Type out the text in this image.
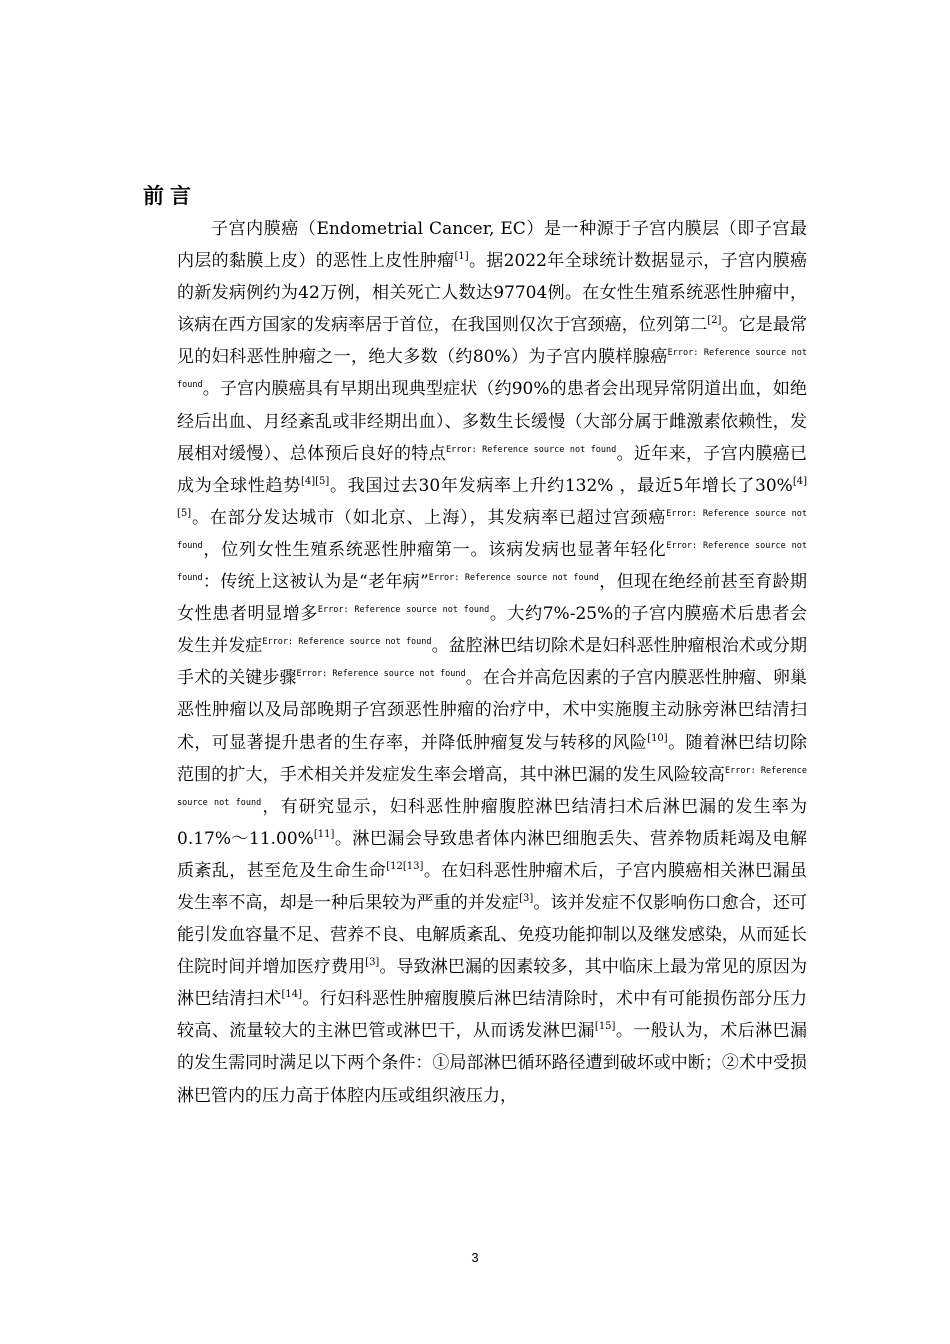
前言

子宫内膜癌（Endometrial Cancer, EC）是一种源于子宫内膜层（即子宫最内层的黏膜上皮）的恶性上皮性肿瘤[1]。据2022年全球统计数据显示，子宫内膜癌的新发病例约为42万例，相关死亡人数达97704例。在女性生殖系统恶性肿瘤中，该病在西方国家的发病率居于首位，在我国则仅次于宫颈癌，位列第二[2]。它是最常见的妇科恶性肿瘤之一，绝大多数（约80%）为子宫内膜样腺癌$^{Error: Reference source not found}$。子宫内膜癌具有早期出现典型症状（约90%的患者会出现异常阴道出血，如绝经后出血、月经紊乱或非经期出血）、多数生长缓慢（大部分属于雌激素依赖性，发展相对缓慢）、总体预后良好的特点$^{Error: Reference source not found}$。近年来，子宫内膜癌已成为全球性趋势[4][5]。我国过去30年发病率上升约132% ，最近5年增长了30%[4][5]。在部分发达城市（如北京、上海），其发病率已超过宫颈癌$^{Error: Reference source not found}$，位列女性生殖系统恶性肿瘤第一。该病发病也显著年轻化$^{Error: Reference source not found}$：传统上这被认为是“老年病”$^{Error: Reference source not found}$，但现在绝经前甚至育龄期女性患者明显增多$^{Error: Reference source not found}$。大约7%-25%的子宫内膜癌术后患者会发生并发症$^{Error: Reference source not found}$。盆腔淋巴结切除术是妇科恶性肿瘤根治术或分期手术的关键步骤$^{Error: Reference source not found}$。在合并高危因素的子宫内膜恶性肿瘤、卵巢恶性肿瘤以及局部晚期子宫颈恶性肿瘤的治疗中，术中实施腹主动脉旁淋巴结清扫术，可显著提升患者的生存率，并降低肿瘤复发与转移的风险[10]。随着淋巴结切除范围的扩大，手术相关并发症发生率会增高，其中淋巴漏的发生风险较高$^{Error: Reference source not found}$，有研究显示，妇科恶性肿瘤腹腔淋巴结清扫术后淋巴漏的发生率为 0.17%～11.00%[11]。淋巴漏会导致患者体内淋巴细胞丢失、营养物质耗竭及电解质紊乱，甚至危及生命生命[12[13]。在妇科恶性肿瘤术后，子宫内膜癌相关淋巴漏虽发生率不高，却是一种后果较为严重的并发症[3]。该并发症不仅影响伤口愈合，还可能引发血容量不足、营养不良、电解质紊乱、免疫功能抑制以及继发感染，从而延长住院时间并增加医疗费用[3]。导致淋巴漏的因素较多，其中临床上最为常见的原因为淋巴结清扫术[14]。行妇科恶性肿瘤腹膜后淋巴结清除时，术中有可能损伤部分压力较高、流量较大的主淋巴管或淋巴干，从而诱发淋巴漏[15]。一般认为，术后淋巴漏的发生需同时满足以下两个条件：①局部淋巴循环路径遭到破坏或中断；②术中受损淋巴管内的压力高于体腔内压或组织液压力，

3
